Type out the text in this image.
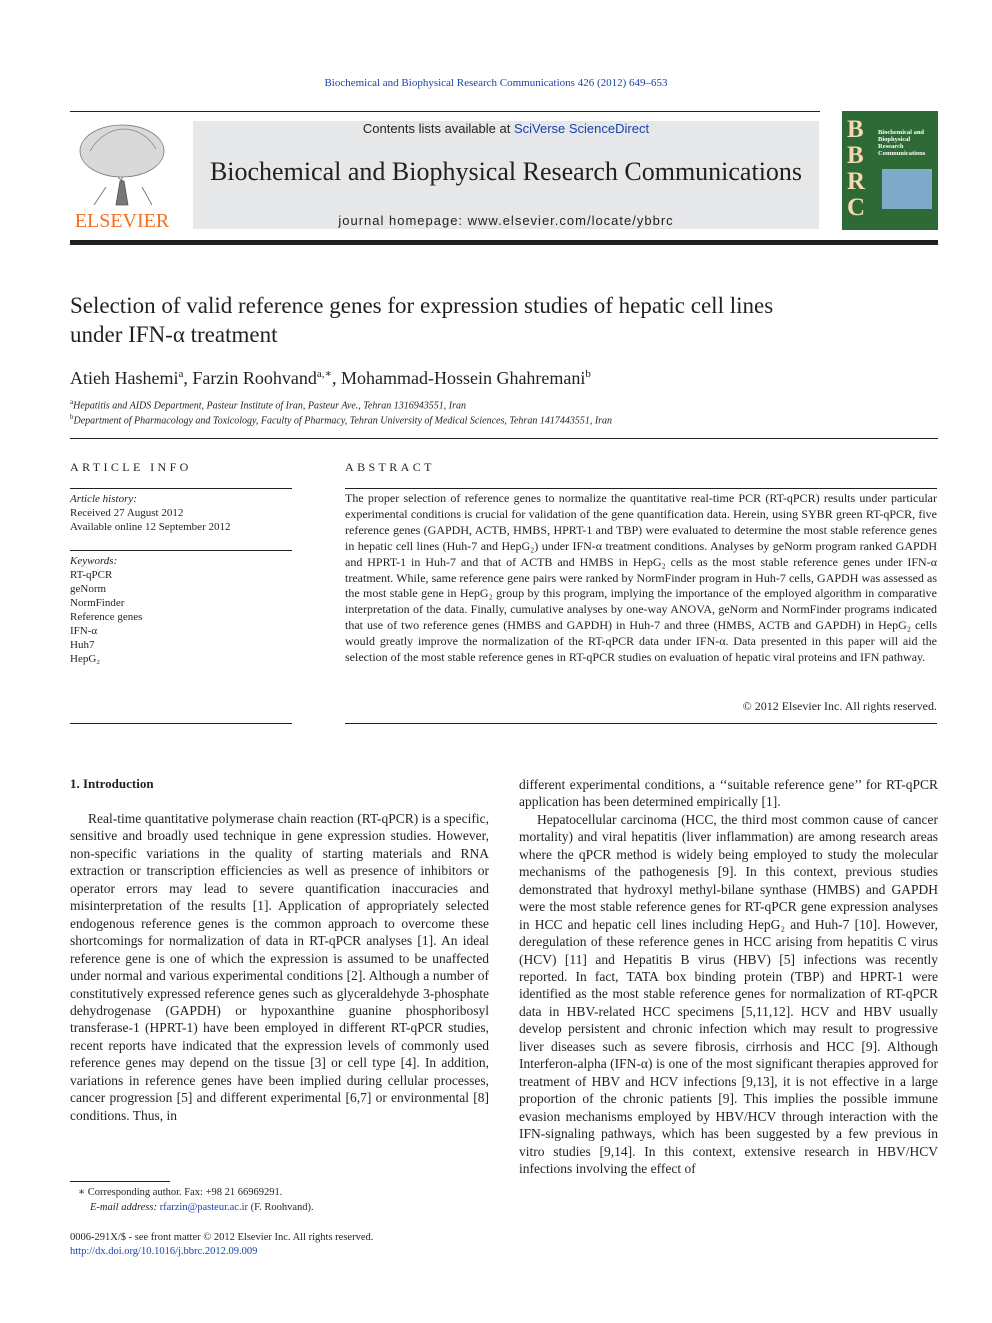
Biochemical and Biophysical Research Communications 426 (2012) 649–653
ELSEVIER
Contents lists available at SciVerse ScienceDirect
Biochemical and Biophysical Research Communications
journal homepage: www.elsevier.com/locate/ybbrc
B
B
R
C
Biochemical and Biophysical Research Communications
Selection of valid reference genes for expression studies of hepatic cell lines
under IFN-α treatment
Atieh Hashemi$^a$, Farzin Roohvand$^{a,∗}$, Mohammad-Hossein Ghahremani$^b$
$^a$Hepatitis and AIDS Department, Pasteur Institute of Iran, Pasteur Ave., Tehran 1316943551, Iran
$^b$Department of Pharmacology and Toxicology, Faculty of Pharmacy, Tehran University of Medical Sciences, Tehran 1417443551, Iran
ARTICLE INFO
Article history:
Received 27 August 2012
Available online 12 September 2012
Keywords:
RT-qPCR
geNorm
NormFinder
Reference genes
IFN-α
Huh7
HepG₂
ABSTRACT
The proper selection of reference genes to normalize the quantitative real-time PCR (RT-qPCR) results under particular experimental conditions is crucial for validation of the gene quantification data. Herein, using SYBR green RT-qPCR, five reference genes (GAPDH, ACTB, HMBS, HPRT-1 and TBP) were evaluated to determine the most stable reference genes in hepatic cell lines (Huh-7 and HepG₂) under IFN-α treatment conditions. Analyses by geNorm program ranked GAPDH and HPRT-1 in Huh-7 and that of ACTB and HMBS in HepG₂ cells as the most stable reference genes under IFN-α treatment. While, same reference gene pairs were ranked by NormFinder program in Huh-7 cells, GAPDH was assessed as the most stable gene in HepG₂ group by this program, implying the importance of the employed algorithm in comparative interpretation of the data. Finally, cumulative analyses by one-way ANOVA, geNorm and NormFinder programs indicated that use of two reference genes (HMBS and GAPDH) in Huh-7 and three (HMBS, ACTB and GAPDH) in HepG₂ cells would greatly improve the normalization of the RT-qPCR data under IFN-α. Data presented in this paper will aid the selection of the most stable reference genes in RT-qPCR studies on evaluation of hepatic viral proteins and IFN pathway.
© 2012 Elsevier Inc. All rights reserved.
1. Introduction

Real-time quantitative polymerase chain reaction (RT-qPCR) is a specific, sensitive and broadly used technique in gene expression studies. However, non-specific variations in the quality of starting materials and RNA extraction or transcription efficiencies as well as presence of inhibitors or operator errors may lead to severe quantification inaccuracies and misinterpretation of the results [1]. Application of appropriately selected endogenous reference genes is the common approach to overcome these shortcomings for normalization of data in RT-qPCR analyses [1]. An ideal reference gene is one of which the expression is assumed to be unaffected under normal and various experimental conditions [2]. Although a number of constitutively expressed reference genes such as glyceraldehyde 3-phosphate dehydrogenase (GAPDH) or hypoxanthine guanine phosphoribosyl transferase-1 (HPRT-1) have been employed in different RT-qPCR studies, recent reports have indicated that the expression levels of commonly used reference genes may depend on the tissue [3] or cell type [4]. In addition, variations in reference genes have been implied during cellular processes, cancer progression [5] and different experimental [6,7] or environmental [8] conditions. Thus, in

different experimental conditions, a ‘‘suitable reference gene’’ for RT-qPCR application has been determined empirically [1].

Hepatocellular carcinoma (HCC, the third most common cause of cancer mortality) and viral hepatitis (liver inflammation) are among research areas where the qPCR method is widely being employed to study the molecular mechanisms of the pathogenesis [9]. In this context, previous studies demonstrated that hydroxyl methyl-bilane synthase (HMBS) and GAPDH were the most stable reference genes for RT-qPCR gene expression analyses in HCC and hepatic cell lines including HepG₂ and Huh-7 [10]. However, deregulation of these reference genes in HCC arising from hepatitis C virus (HCV) [11] and Hepatitis B virus (HBV) [5] infections was recently reported. In fact, TATA box binding protein (TBP) and HPRT-1 were identified as the most stable reference genes for normalization of RT-qPCR data in HBV-related HCC specimens [5,11,12]. HCV and HBV usually develop persistent and chronic infection which may result to progressive liver diseases such as severe fibrosis, cirrhosis and HCC [9]. Although Interferon-alpha (IFN-α) is one of the most significant therapies approved for treatment of HBV and HCV infections [9,13], it is not effective in a large proportion of the chronic patients [9]. This implies the possible immune evasion mechanisms employed by HBV/HCV through interaction with the IFN-signaling pathways, which has been suggested by a few previous in vitro studies [9,14]. In this context, extensive research in HBV/HCV infections involving the effect of

∗ Corresponding author. Fax: +98 21 66969291.
E-mail address: rfarzin@pasteur.ac.ir (F. Roohvand).
0006-291X/$ - see front matter © 2012 Elsevier Inc. All rights reserved.
http://dx.doi.org/10.1016/j.bbrc.2012.09.009
